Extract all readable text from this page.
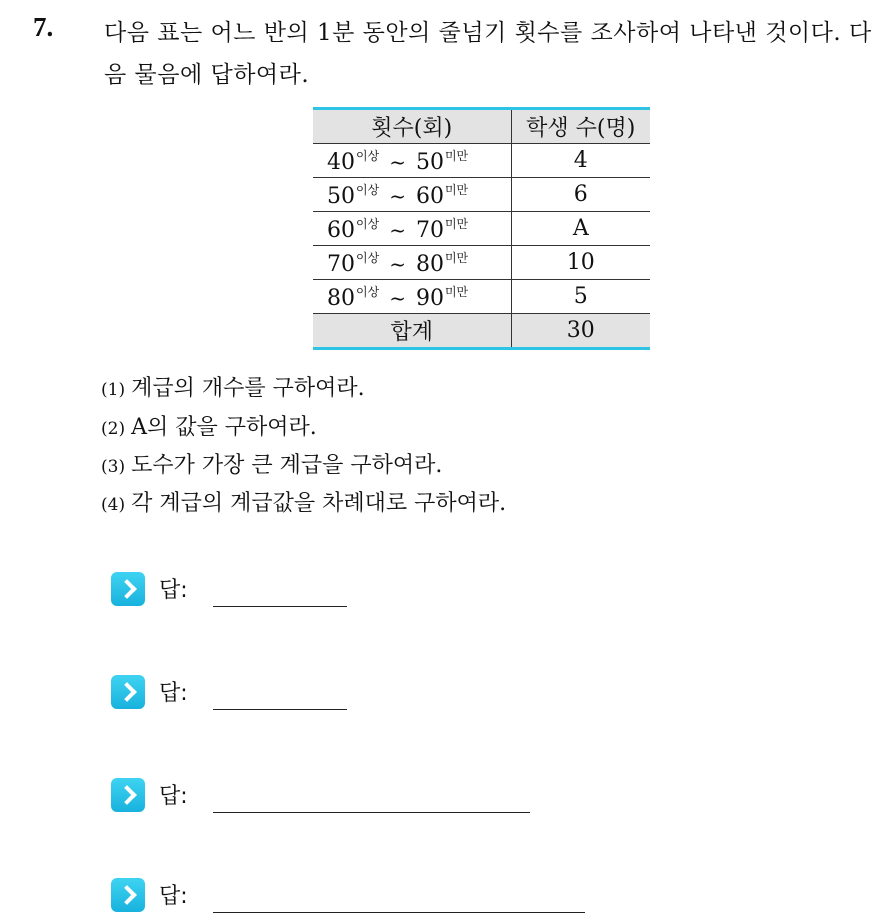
7. 다음 표는 어느 반의 1분 동안의 줄넘기 횟수를 조사하여 나타낸 것이다. 다음 물음에 답하여라.
횟수(회)	학생 수(명)
$40^{이상}$ ~ $50^{미만}$	4
$50^{이상}$ ~ $60^{미만}$	6
$60^{이상}$ ~ $70^{미만}$	A
$70^{이상}$ ~ $80^{미만}$	10
$80^{이상}$ ~ $90^{미만}$	5
합계	30
(1) 계급의 개수를 구하여라.
(2) A의 값을 구하여라.
(3) 도수가 가장 큰 계급을 구하여라.
(4) 각 계급의 계급값을 차례대로 구하여라.
답:
답:
답:
답:
